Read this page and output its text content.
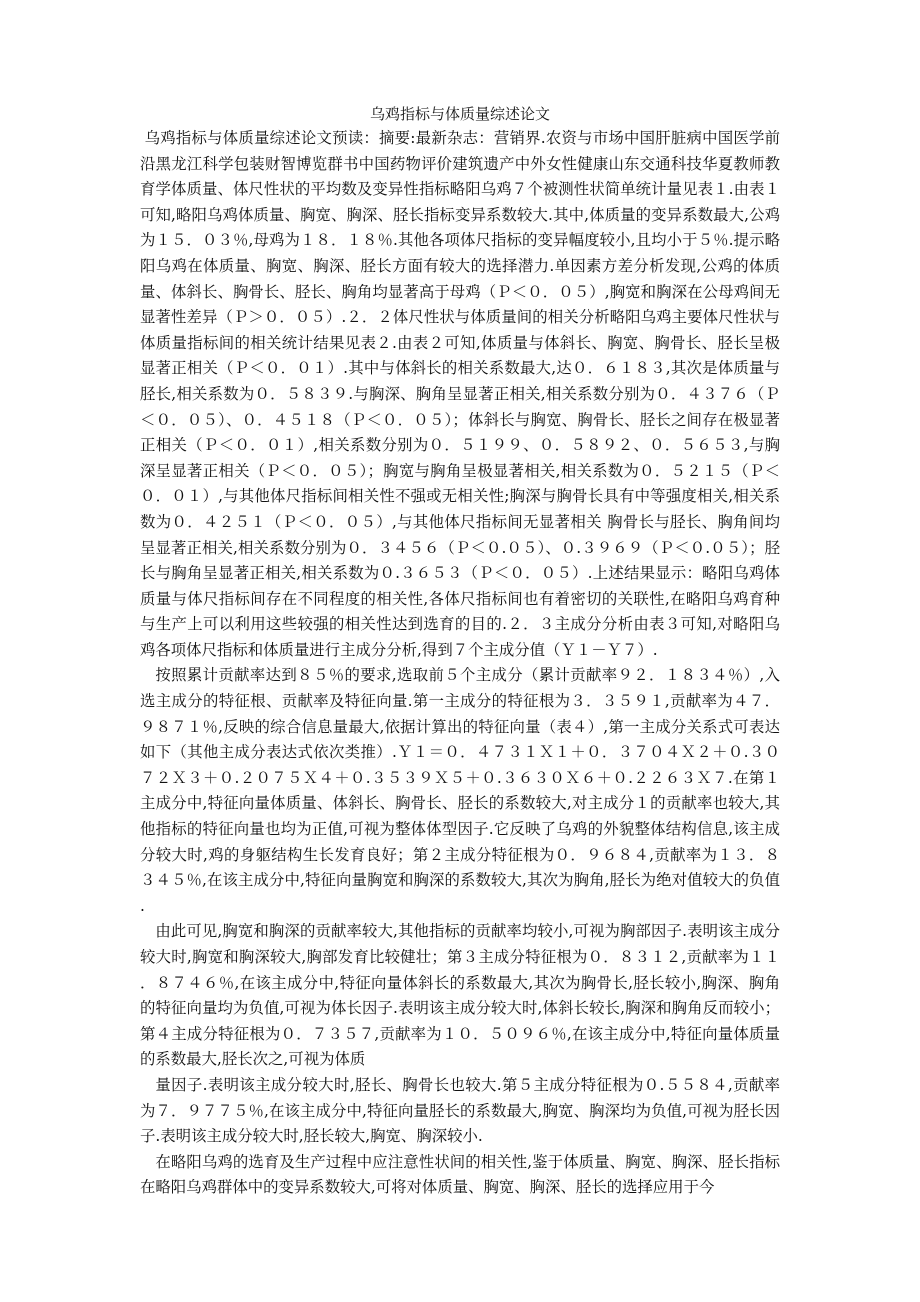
乌鸡指标与体质量综述论文

乌鸡指标与体质量综述论文预读：摘要:最新杂志：营销界.农资与市场中国肝脏病中国医学前沿黑龙江科学包装财智博览群书中国药物评价建筑遗产中外女性健康山东交通科技华夏教师教育学体质量、体尺性状的平均数及变异性指标略阳乌鸡７个被测性状简单统计量见表１.由表１可知,略阳乌鸡体质量、胸宽、胸深、胫长指标变异系数较大.其中,体质量的变异系数最大,公鸡为１５．０３％,母鸡为１８．１８％.其他各项体尺指标的变异幅度较小,且均小于５％.提示略阳乌鸡在体质量、胸宽、胸深、胫长方面有较大的选择潜力.单因素方差分析发现,公鸡的体质量、体斜长、胸骨长、胫长、胸角均显著高于母鸡（Ｐ＜０．０５）,胸宽和胸深在公母鸡间无显著性差异（Ｐ＞０．０５）.２．２体尺性状与体质量间的相关分析略阳乌鸡主要体尺性状与体质量指标间的相关统计结果见表２.由表２可知,体质量与体斜长、胸宽、胸骨长、胫长呈极显著正相关（Ｐ＜０．０１）.其中与体斜长的相关系数最大,达０．６１８３,其次是体质量与胫长,相关系数为０．５８３９.与胸深、胸角呈显著正相关,相关系数分别为０．４３７６（Ｐ＜０．０５）、０．４５１８（Ｐ＜０．０５）；体斜长与胸宽、胸骨长、胫长之间存在极显著正相关（Ｐ＜０．０１）,相关系数分别为０．５１９９、０．５８９２、０．５６５３,与胸深呈显著正相关（Ｐ＜０．０５）；胸宽与胸角呈极显著相关,相关系数为０．５２１５（Ｐ＜０．０１）,与其他体尺指标间相关性不强或无相关性;胸深与胸骨长具有中等强度相关,相关系数为０．４２５１（Ｐ＜０．０５）,与其他体尺指标间无显著相关 胸骨长与胫长、胸角间均呈显著正相关,相关系数分别为０．３４５６（Ｐ＜０.０５）、０.３９６９（Ｐ＜０.０５）；胫长与胸角呈显著正相关,相关系数为０.３６５３（Ｐ＜０．０５）.上述结果显示：略阳乌鸡体质量与体尺指标间存在不同程度的相关性,各体尺指标间也有着密切的关联性,在略阳乌鸡育种与生产上可以利用这些较强的相关性达到选育的目的.２．３主成分分析由表３可知,对略阳乌鸡各项体尺指标和体质量进行主成分分析,得到７个主成分值（Ｙ１－Ｙ７）.

按照累计贡献率达到８５％的要求,选取前５个主成分（累计贡献率９２．１８３４％）,入选主成分的特征根、贡献率及特征向量.第一主成分的特征根为３．３５９１,贡献率为４７．９８７１％,反映的综合信息量最大,依据计算出的特征向量（表４）,第一主成分关系式可表达如下（其他主成分表达式依次类推）.Ｙ１＝０．４７３１Ｘ１＋０．３７０４Ｘ２＋０.３０７２Ｘ３＋０.２０７５Ｘ４＋０.３５３９Ｘ５＋０.３６３０Ｘ６＋０.２２６３Ｘ７.在第１主成分中,特征向量体质量、体斜长、胸骨长、胫长的系数较大,对主成分１的贡献率也较大,其他指标的特征向量也均为正值,可视为整体体型因子.它反映了乌鸡的外貌整体结构信息,该主成分较大时,鸡的身躯结构生长发育良好；第２主成分特征根为０．９６８４,贡献率为１３．８３４５％,在该主成分中,特征向量胸宽和胸深的系数较大,其次为胸角,胫长为绝对值较大的负值.

由此可见,胸宽和胸深的贡献率较大,其他指标的贡献率均较小,可视为胸部因子.表明该主成分较大时,胸宽和胸深较大,胸部发育比较健壮；第３主成分特征根为０．８３１２,贡献率为１１．８７４６％,在该主成分中,特征向量体斜长的系数最大,其次为胸骨长,胫长较小,胸深、胸角的特征向量均为负值,可视为体长因子.表明该主成分较大时,体斜长较长,胸深和胸角反而较小；第４主成分特征根为０．７３５７,贡献率为１０．５０９６％,在该主成分中,特征向量体质量的系数最大,胫长次之,可视为体质

量因子.表明该主成分较大时,胫长、胸骨长也较大.第５主成分特征根为０.５５８４,贡献率为７．９７７５％,在该主成分中,特征向量胫长的系数最大,胸宽、胸深均为负值,可视为胫长因子.表明该主成分较大时,胫长较大,胸宽、胸深较小.

在略阳乌鸡的选育及生产过程中应注意性状间的相关性,鉴于体质量、胸宽、胸深、胫长指标在略阳乌鸡群体中的变异系数较大,可将对体质量、胸宽、胸深、胫长的选择应用于今
